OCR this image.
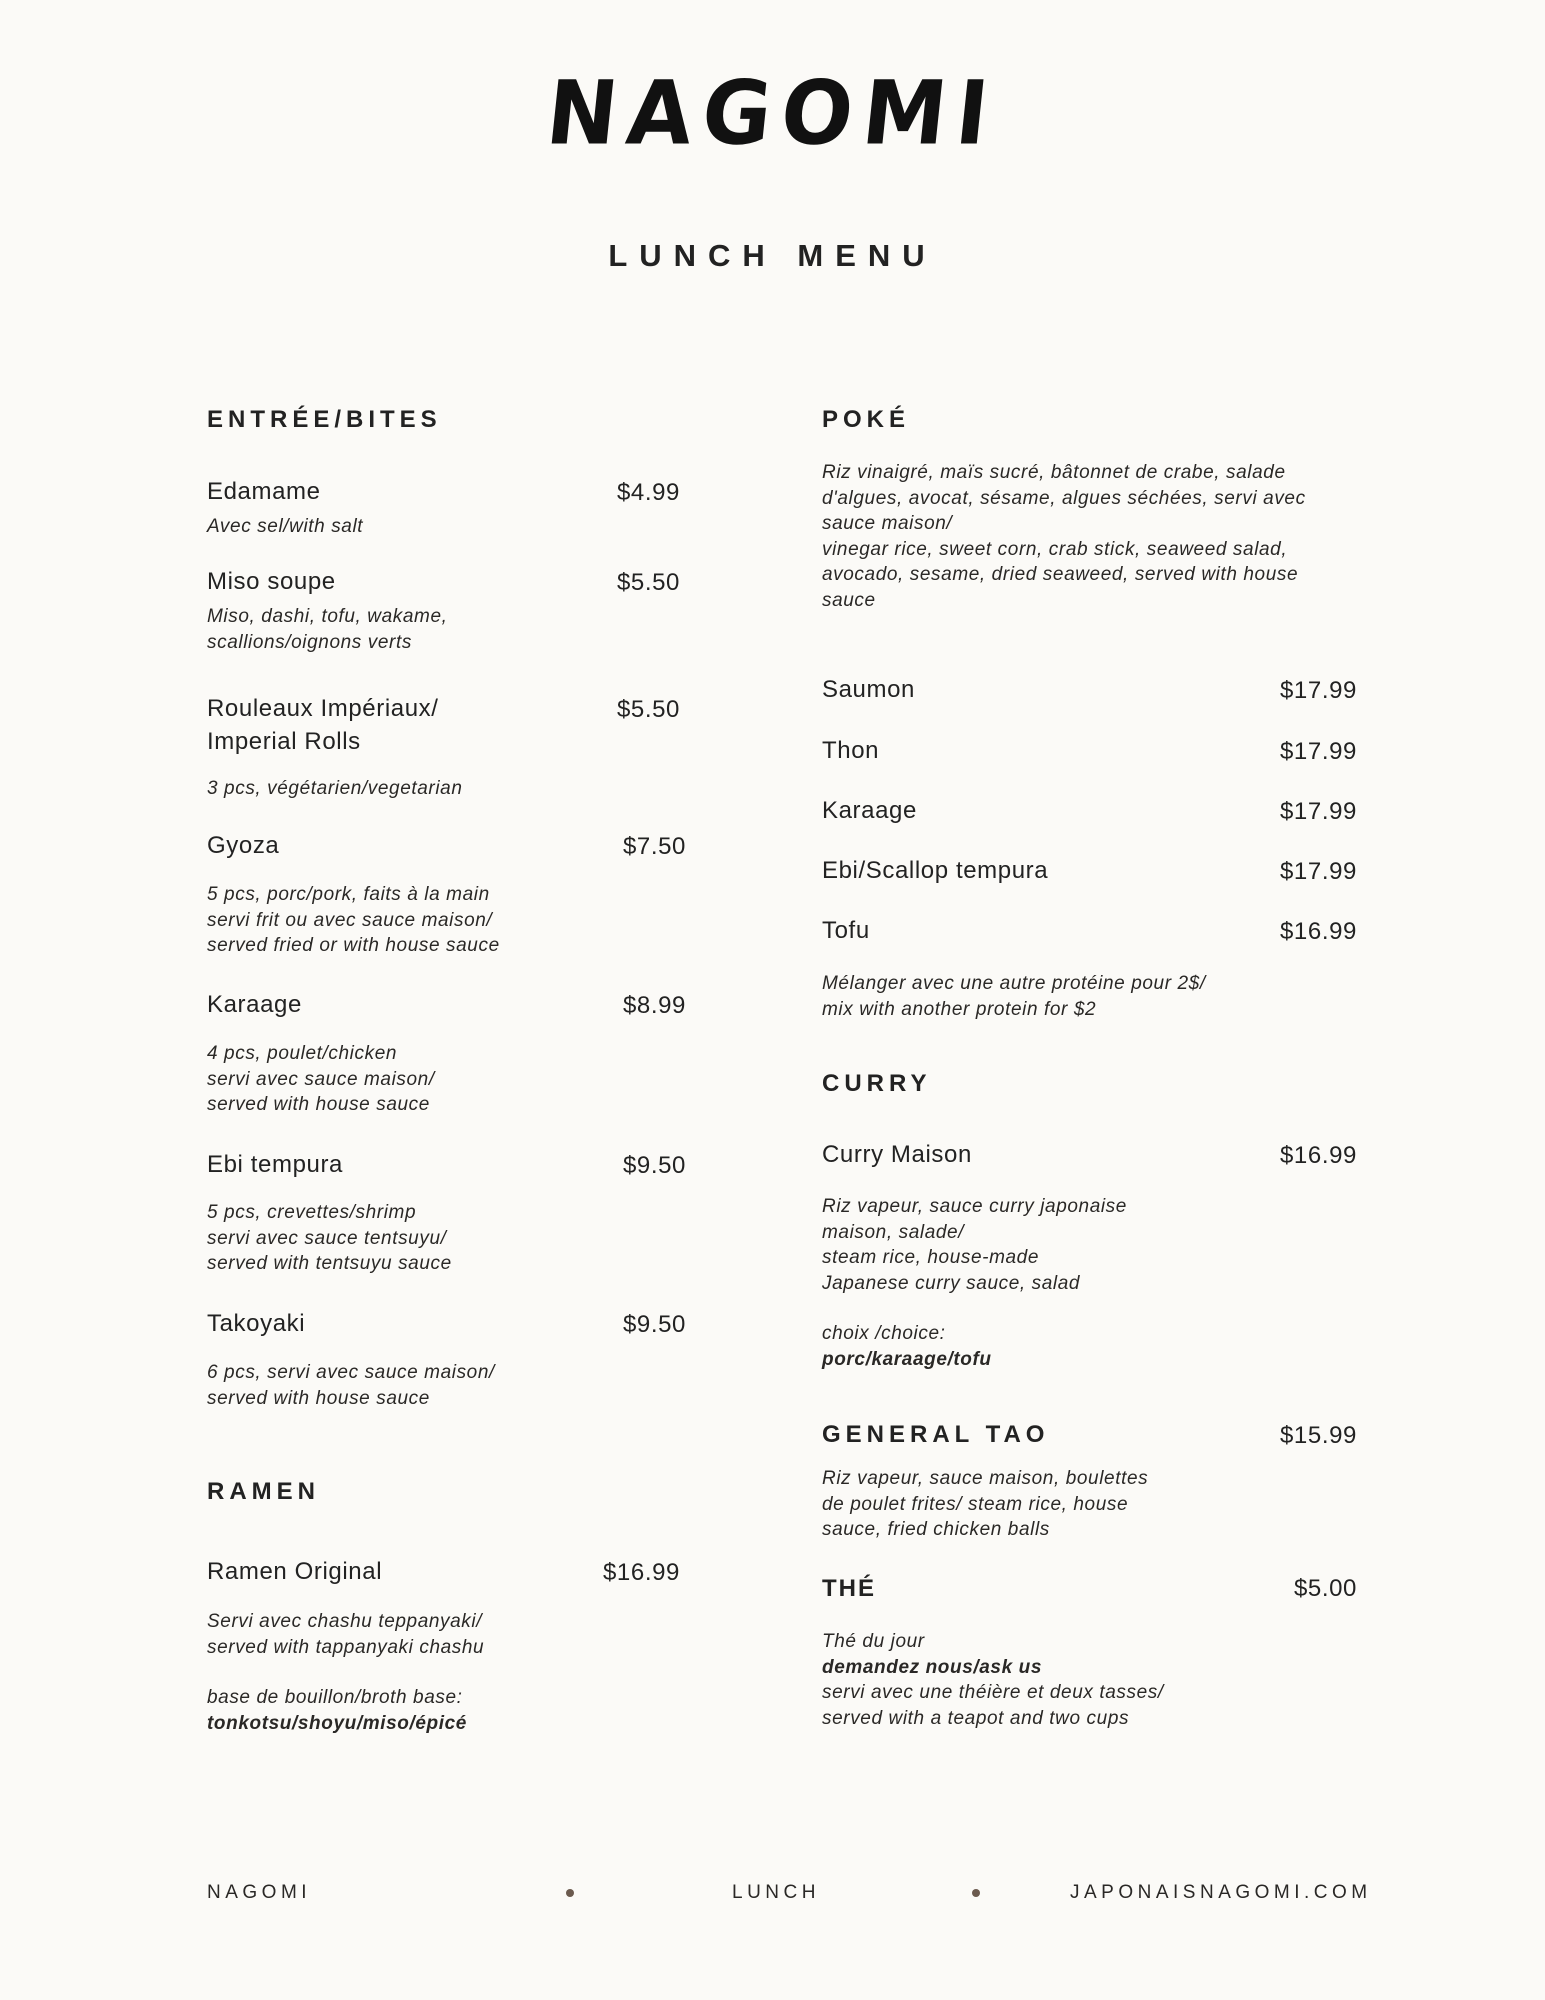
NAGOMI
LUNCH MENU
ENTRÉE/BITES
Edamame	$4.99
Avec sel/with salt
Miso soupe	$5.50
Miso, dashi, tofu, wakame,
scallions/oignons verts
Rouleaux Impériaux/
Imperial Rolls
$5.50
3 pcs, végétarien/vegetarian
Gyoza	$7.50
5 pcs, porc/pork, faits à la main
servi frit ou avec sauce maison/
served fried or with house sauce
Karaage	$8.99
4 pcs, poulet/chicken
servi avec sauce maison/
served with house sauce
Ebi tempura	$9.50
5 pcs, crevettes/shrimp
servi avec sauce tentsuyu/
served with tentsuyu sauce
Takoyaki	$9.50
6 pcs, servi avec sauce maison/
served with house sauce
RAMEN
Ramen Original	$16.99
Servi avec chashu teppanyaki/
served with tappanyaki chashu
base de bouillon/broth base:
tonkotsu/shoyu/miso/épicé
POKÉ
Riz vinaigré, maïs sucré, bâtonnet de crabe, salade
d'algues, avocat, sésame, algues séchées, servi avec
sauce maison/
vinegar rice, sweet corn, crab stick, seaweed salad,
avocado, sesame, dried seaweed, served with house
sauce
Saumon	$17.99
Thon	$17.99
Karaage	$17.99
Ebi/Scallop tempura	$17.99
Tofu	$16.99
Mélanger avec une autre protéine pour 2$/
mix with another protein for $2
CURRY
Curry Maison	$16.99
Riz vapeur, sauce curry japonaise
maison, salade/
steam rice, house-made
Japanese curry sauce, salad
choix /choice:
porc/karaage/tofu
GENERAL TAO	$15.99
Riz vapeur, sauce maison, boulettes
de poulet frites/ steam rice, house
sauce, fried chicken balls
THÉ	$5.00
Thé du jour
demandez nous/ask us
servi avec une théière et deux tasses/
served with a teapot and two cups
NAGOMI	LUNCH	JAPONAISNAGOMI.COM
